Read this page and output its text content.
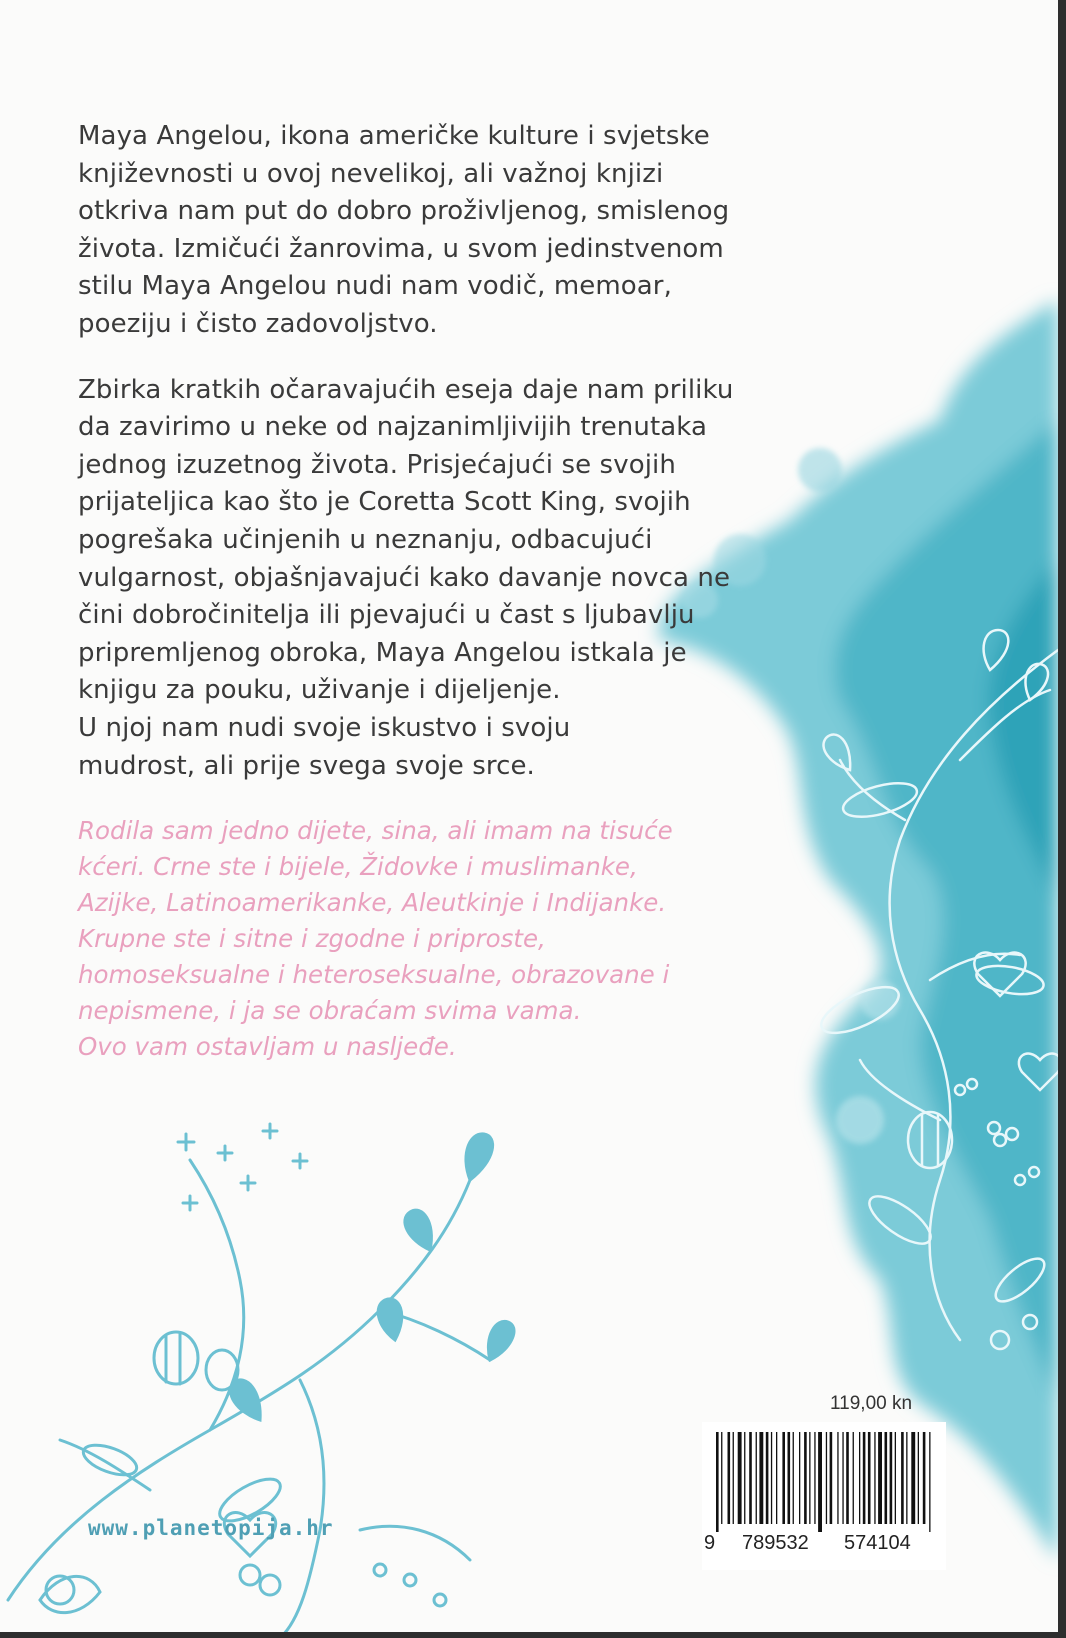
Maya Angelou, ikona američke kulture i svjetske
književnosti u ovoj nevelikoj, ali važnoj knjizi
otkriva nam put do dobro proživljenog, smislenog
života. Izmičući žanrovima, u svom jedinstvenom
stilu Maya Angelou nudi nam vodič, memoar,
poeziju i čisto zadovoljstvo.

Zbirka kratkih očaravajućih eseja daje nam priliku
da zavirimo u neke od najzanimljivijih trenutaka
jednog izuzetnog života. Prisjećajući se svojih
prijateljica kao što je Coretta Scott King, svojih
pogrešaka učinjenih u neznanju, odbacujući
vulgarnost, objašnjavajući kako davanje novca ne
čini dobročinitelja ili pjevajući u čast s ljubavlju
pripremljenog obroka, Maya Angelou istkala je
knjigu za pouku, uživanje i dijeljenje.
U njoj nam nudi svoje iskustvo i svoju
mudrost, ali prije svega svoje srce.

Rodila sam jedno dijete, sina, ali imam na tisuće
kćeri. Crne ste i bijele, Židovke i muslimanke,
Azijke, Latinoamerikanke, Aleutkinje i Indijanke.
Krupne ste i sitne i zgodne i priproste,
homoseksualne i heteroseksualne, obrazovane i
nepismene, i ja se obraćam svima vama.
Ovo vam ostavljam u nasljeđe.

119,00 kn
9 789532 574104
www.planetopija.hr
